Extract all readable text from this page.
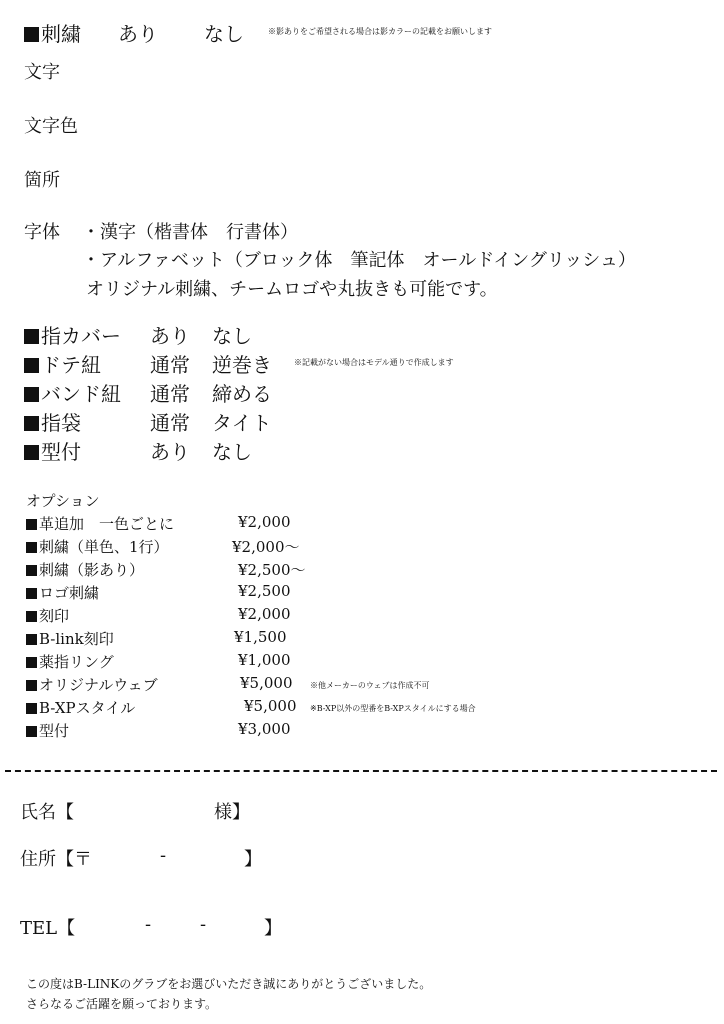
刺繍 あり なし	※影ありをご希望される場合は影カラーの記載をお願いします
文字
文字色
箇所
字体 ・漢字（楷書体　行書体）
・アルファベット（ブロック体　筆記体　オールドイングリッシュ）
オリジナル刺繍、チームロゴや丸抜きも可能です。
指カバー あり なし
ドテ紐 通常 逆巻き	※記載がない場合はモデル通りで作成します
バンド紐 通常 締める
指袋	通常 タイト
型付	あり なし
オプション
革追加　一色ごとに	¥2,000
刺繍（単色、1行）	¥2,000～
刺繍（影あり）	¥2,500～
ロゴ刺繍	¥2,500
刻印	¥2,000
B-link刻印	¥1,500
薬指リング	¥1,000
オリジナルウェブ	¥5,000 ※他メーカーのウェブは作成不可
B-XPスタイル	¥5,000 ※B-XP以外の型番をB-XPスタイルにする場合
型付	¥3,000
氏名【	様】
住所【〒	-	】
TEL【	-	-	】
この度はB-LINKのグラブをお選びいただき誠にありがとうございました。
さらなるご活躍を願っております。
